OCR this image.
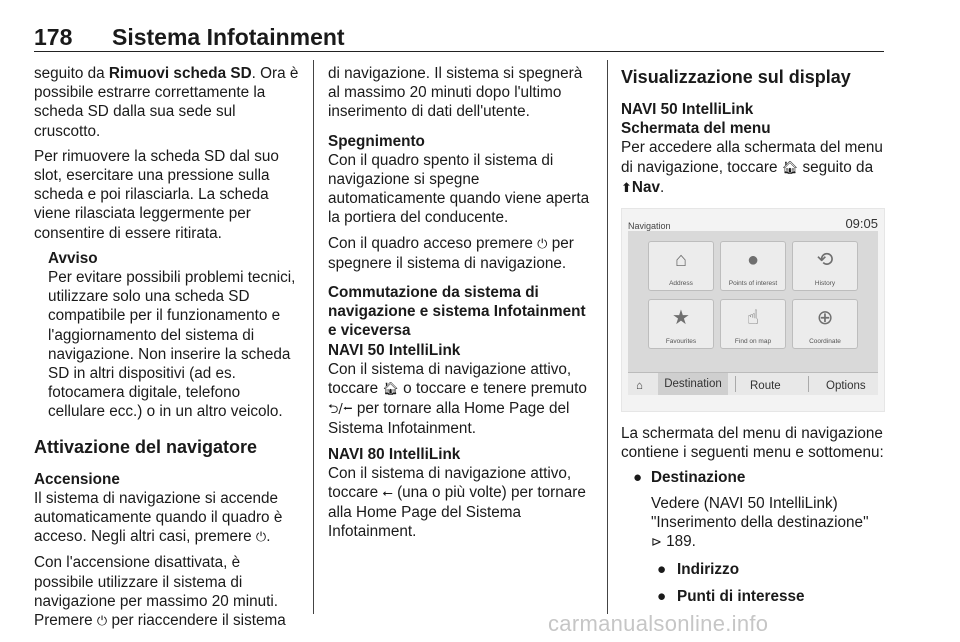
178 Sistema Infotainment

seguito da Rimuovi scheda SD. Ora è possibile estrarre correttamente la scheda SD dalla sua sede sul cruscotto.

Per rimuovere la scheda SD dal suo slot, esercitare una pressione sulla scheda e poi rilasciarla. La scheda viene rilasciata leggermente per consentire di essere ritirata.

Avviso
Per evitare possibili problemi tecnici, utilizzare solo una scheda SD compatibile per il funzionamento e l'aggiornamento del sistema di navigazione. Non inserire la scheda SD in altri dispositivi (ad es. fotocamera digitale, telefono cellulare ecc.) o in un altro veicolo.
Attivazione del navigatore
Accensione

Il sistema di navigazione si accende automaticamente quando il quadro è acceso. Negli altri casi, premere ⏻.

Con l'accensione disattivata, è possibile utilizzare il sistema di navigazione per massimo 20 minuti. Premere ⏻ per riaccendere il sistema

di navigazione. Il sistema si spegnerà al massimo 20 minuti dopo l'ultimo inserimento di dati dell'utente.

Spegnimento

Con il quadro spento il sistema di navigazione si spegne automaticamente quando viene aperta la portiera del conducente.

Con il quadro acceso premere ⏻ per spegnere il sistema di navigazione.

Commutazione da sistema di navigazione e sistema Infotainment e viceversa
NAVI 50 IntelliLink

Con il sistema di navigazione attivo, toccare 🏠︎ o toccare e tenere premuto ⮌/⭠ per tornare alla Home Page del Sistema Infotainment.

NAVI 80 IntelliLink

Con il sistema di navigazione attivo, toccare ⭠ (una o più volte) per tornare alla Home Page del Sistema Infotainment.

Visualizzazione sul display
NAVI 50 IntelliLink
Schermata del menu

Per accedere alla schermata del menu di navigazione, toccare 🏠︎ seguito da ⬆Nav.

Navigation	09:05
⌂
Address
●
Points of interest
⟲
History
★
Favourites
☝
Find on map
⊕
Coordinate
⌂	Destination	Route	Options

La schermata del menu di navigazione contiene i seguenti menu e sottomenu:

● Destinazione
Vedere (NAVI 50 IntelliLink) "Inserimento della destinazione"
⊳ 189.
● Indirizzo
● Punti di interesse
carmanualsonline.info
